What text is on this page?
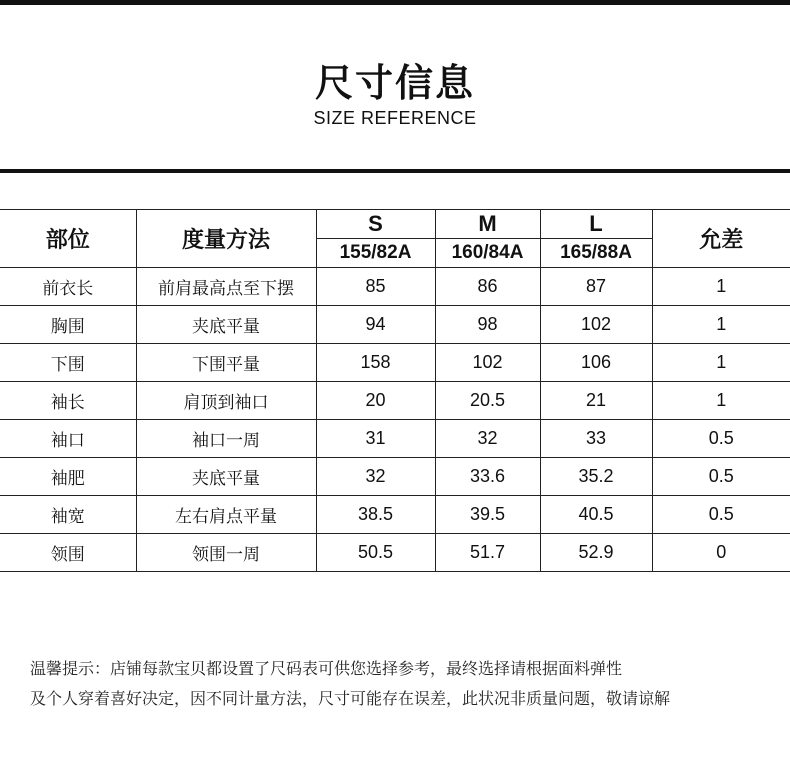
尺寸信息
SIZE REFERENCE
部位	度量方法	S	M	L	允差
		155/82A	160/84A	165/88A	
前衣长	前肩最高点至下摆	85	86	87	1
胸围	夹底平量	94	98	102	1
下围	下围平量	158	102	106	1
袖长	肩顶到袖口	20	20.5	21	1
袖口	袖口一周	31	32	33	0.5
袖肥	夹底平量	32	33.6	35.2	0.5
袖宽	左右肩点平量	38.5	39.5	40.5	0.5
领围	领围一周	50.5	51.7	52.9	0
温馨提示：店铺每款宝贝都设置了尺码表可供您选择参考，最终选择请根据面料弹性
及个人穿着喜好决定，因不同计量方法，尺寸可能存在误差，此状况非质量问题，敬请谅解
